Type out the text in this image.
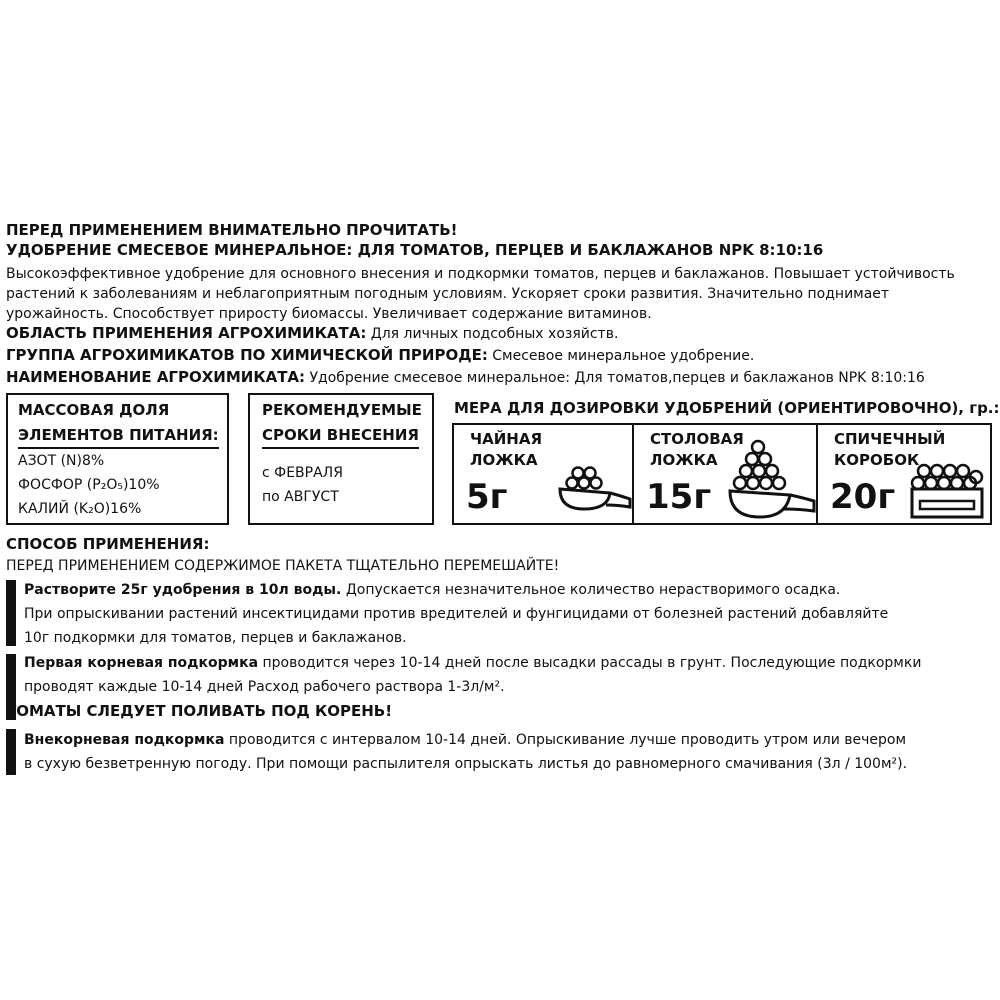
ПЕРЕД ПРИМЕНЕНИЕМ ВНИМАТЕЛЬНО ПРОЧИТАТЬ!
УДОБРЕНИЕ СМЕСЕВОЕ МИНЕРАЛЬНОЕ: ДЛЯ ТОМАТОВ, ПЕРЦЕВ И БАКЛАЖАНОВ NPK 8:10:16
Высокоэффективное удобрение для основного внесения и подкормки томатов, перцев и баклажанов. Повышает устойчивость
растений к заболеваниям и неблагоприятным погодным условиям. Ускоряет сроки развития. Значительно поднимает
урожайность. Способствует приросту биомассы. Увеличивает содержание витаминов.
ОБЛАСТЬ ПРИМЕНЕНИЯ АГРОХИМИКАТА: Для личных подсобных хозяйств.
ГРУППА АГРОХИМИКАТОВ ПО ХИМИЧЕСКОЙ ПРИРОДЕ: Смесевое минеральное удобрение.
НАИМЕНОВАНИЕ АГРОХИМИКАТА: Удобрение смесевое минеральное: Для томатов,перцев и баклажанов NPK 8:10:16
МАССОВАЯ ДОЛЯ
ЭЛЕМЕНТОВ ПИТАНИЯ:
АЗОТ (N)8%
ФОСФОР (P₂O₅)10%
КАЛИЙ (K₂O)16%
РЕКОМЕНДУЕМЫЕ
СРОКИ ВНЕСЕНИЯ
с ФЕВРАЛЯ
по АВГУСТ
МЕРА ДЛЯ ДОЗИРОВКИ УДОБРЕНИЙ (ОРИЕНТИРОВОЧНО), гр.:
ЧАЙНАЯ
ЛОЖКА
5г
СТОЛОВАЯ
ЛОЖКА
15г
СПИЧЕЧНЫЙ
КОРОБОК
20г
СПОСОБ ПРИМЕНЕНИЯ:
ПЕРЕД ПРИМЕНЕНИЕМ СОДЕРЖИМОЕ ПАКЕТА ТЩАТЕЛЬНО ПЕРЕМЕШАЙТЕ!
Растворите 25г удобрения в 10л воды. Допускается незначительное количество нерастворимого осадка.
При опрыскивании растений инсектицидами против вредителей и фунгицидами от болезней растений добавляйте
10г подкормки для томатов, перцев и баклажанов.
Первая корневая подкормка проводится через 10-14 дней после высадки рассады в грунт. Последующие подкормки
проводят каждые 10-14 дней Расход рабочего раствора 1-3л/м².
ТОМАТЫ СЛЕДУЕТ ПОЛИВАТЬ ПОД КОРЕНЬ!
Внекорневая подкормка проводится с интервалом 10-14 дней. Опрыскивание лучше проводить утром или вечером
в сухую безветренную погоду. При помощи распылителя опрыскать листья до равномерного смачивания (3л / 100м²).
